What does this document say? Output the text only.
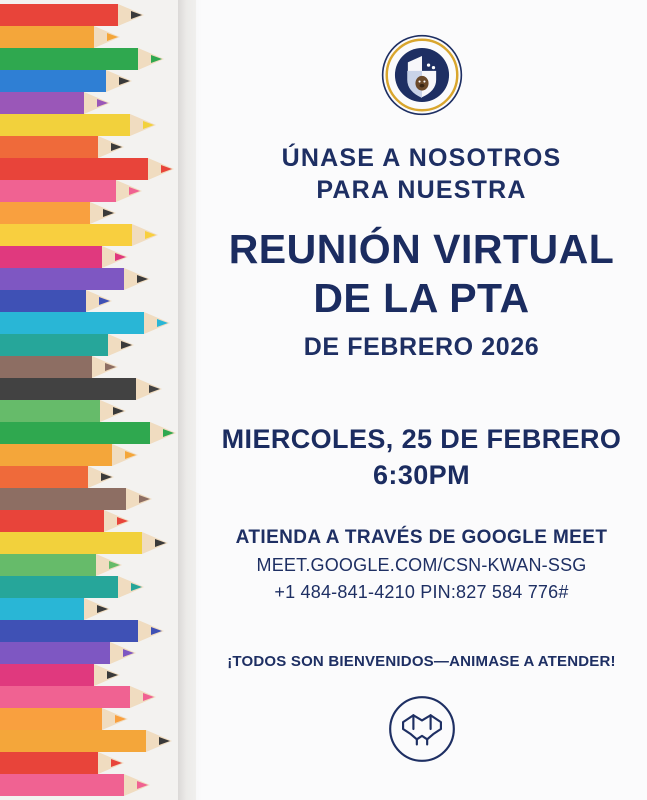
ÚNASE A NOSOTROS
PARA NUESTRA
REUNIÓN VIRTUAL
DE LA PTA
DE FEBRERO 2026
MIERCOLES, 25 DE FEBRERO
6:30PM
ATIENDA A TRAVÉS DE GOOGLE MEET
MEET.GOOGLE.COM/CSN-KWAN-SSG
+1 484-841-4210 PIN:827 584 776#
¡TODOS SON BIENVENIDOS—ANIMASE A ATENDER!
